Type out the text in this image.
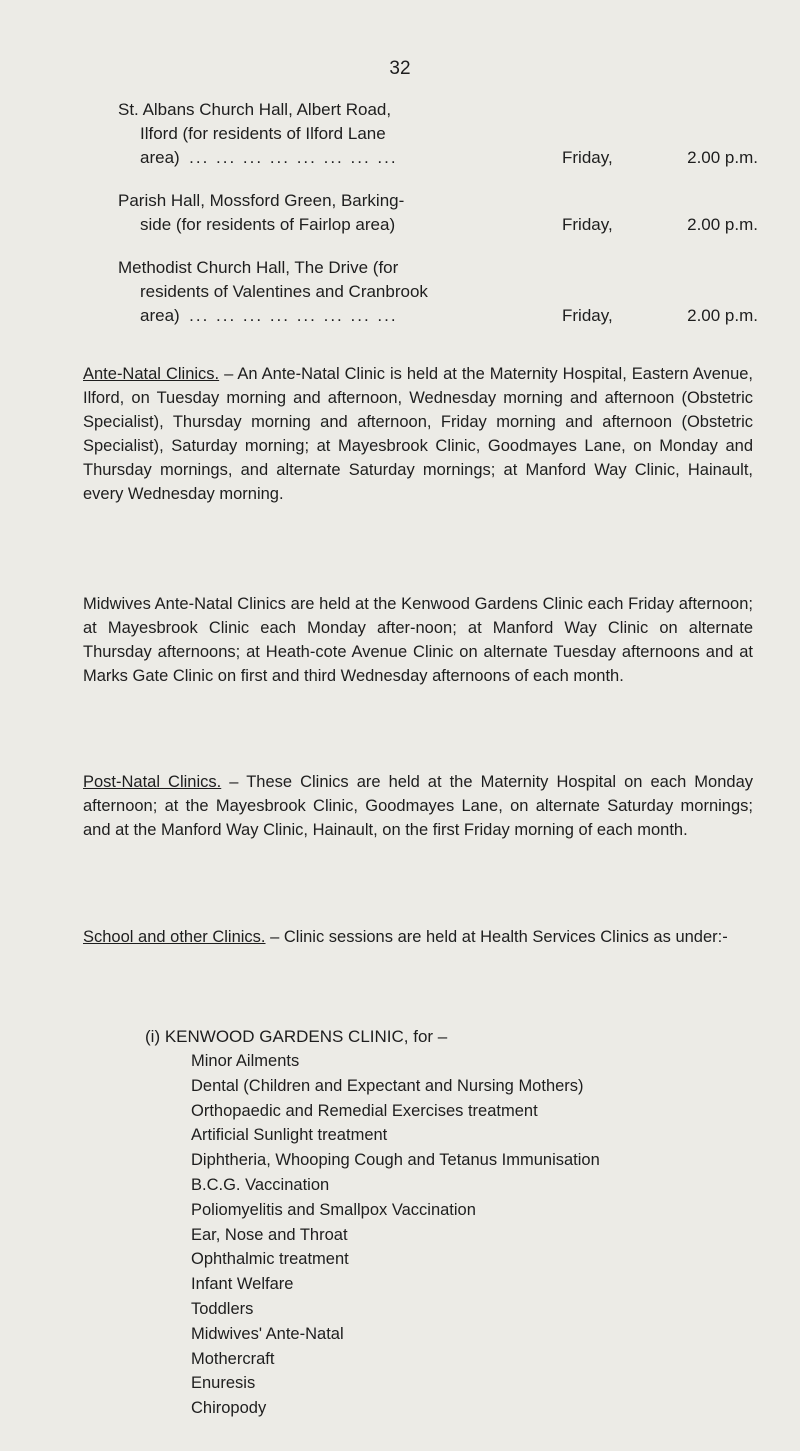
32
St. Albans Church Hall, Albert Road,
Ilford (for residents of Ilford Lane
area) ... ... ... ... ... ... ... ...	Friday,	2.00 p.m.
Parish Hall, Mossford Green, Barking-
side (for residents of Fairlop area)	Friday,	2.00 p.m.
Methodist Church Hall, The Drive (for
residents of Valentines and Cranbrook
area) ... ... ... ... ... ... ... ...	Friday,	2.00 p.m.

Ante-Natal Clinics. – An Ante-Natal Clinic is held at the Maternity Hospital, Eastern Avenue, Ilford, on Tuesday morning and afternoon, Wednesday morning and afternoon (Obstetric Specialist), Thursday morning and afternoon, Friday morning and afternoon (Obstetric Specialist), Saturday morning; at Mayesbrook Clinic, Goodmayes Lane, on Monday and Thursday mornings, and alternate Saturday mornings; at Manford Way Clinic, Hainault, every Wednesday morning.

Midwives Ante-Natal Clinics are held at the Kenwood Gardens Clinic each Friday afternoon; at Mayesbrook Clinic each Monday after-noon; at Manford Way Clinic on alternate Thursday afternoons; at Heath-cote Avenue Clinic on alternate Tuesday afternoons and at Marks Gate Clinic on first and third Wednesday afternoons of each month.

Post-Natal Clinics. – These Clinics are held at the Maternity Hospital on each Monday afternoon; at the Mayesbrook Clinic, Goodmayes Lane, on alternate Saturday mornings; and at the Manford Way Clinic, Hainault, on the first Friday morning of each month.

School and other Clinics. – Clinic sessions are held at Health Services Clinics as under:-

(i) KENWOOD GARDENS CLINIC, for –
Minor Ailments
Dental (Children and Expectant and Nursing Mothers)
Orthopaedic and Remedial Exercises treatment
Artificial Sunlight treatment
Diphtheria, Whooping Cough and Tetanus Immunisation
B.C.G. Vaccination
Poliomyelitis and Smallpox Vaccination
Ear, Nose and Throat
Ophthalmic treatment
Infant Welfare
Toddlers
Midwives' Ante-Natal
Mothercraft
Enuresis
Chiropody
